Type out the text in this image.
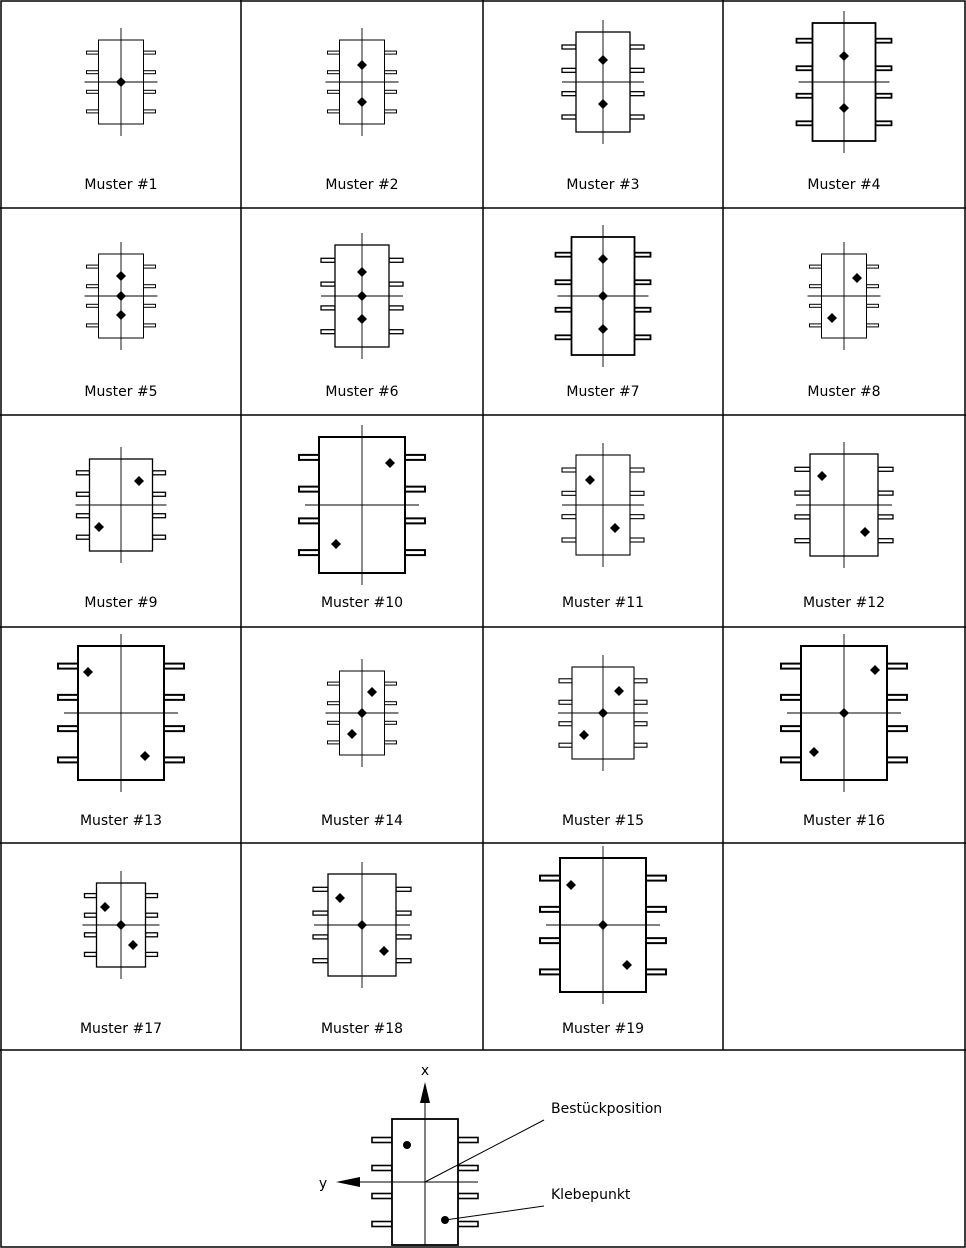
Muster #1	Muster #2	Muster #3	Muster #4
Muster #5	Muster #6	Muster #7	Muster #8
Muster #9	Muster #10	Muster #11	Muster #12
Muster #13	Muster #14	Muster #15	Muster #16
Muster #17	Muster #18	Muster #19
x
y
Bestückposition
Klebepunkt
